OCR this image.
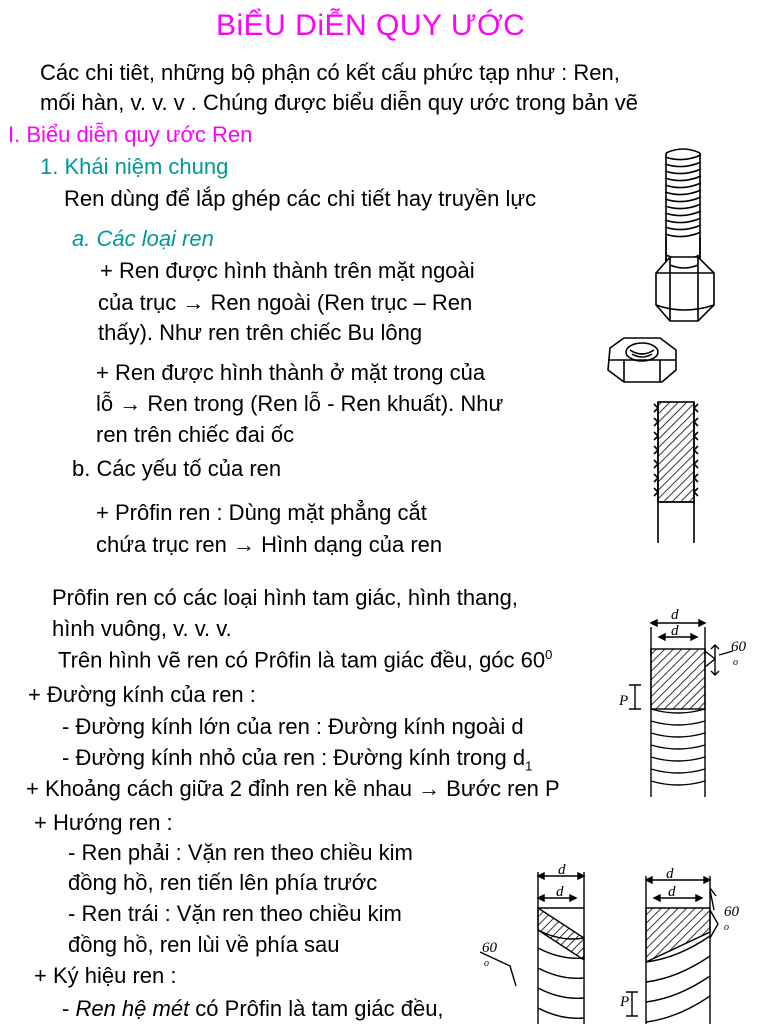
BiỂU DiỄN QUY ƯỚC
Các chi tiêt, những bộ phận có kết cấu phức tạp như : Ren,
mối hàn, v. v. v . Chúng được biểu diễn quy ước trong bản vẽ
I. Biểu diễn quy ước Ren
1. Khái niệm chung
Ren dùng để lắp ghép các chi tiết hay truyền lực
a. Các loại ren
+ Ren được hình thành trên mặt ngoài
của trục → Ren ngoài (Ren trục – Ren
thấy). Như ren trên chiếc Bu lông
+ Ren được hình thành ở mặt trong của
lỗ → Ren trong (Ren lỗ - Ren khuất). Như
ren trên chiếc đai ốc
b. Các yếu tố của ren
+ Prôfin ren : Dùng mặt phẳng cắt
chứa trục ren → Hình dạng của ren
Prôfin ren có các loại hình tam giác, hình thang,
hình vuông, v. v. v.
Trên hình vẽ ren có Prôfin là tam giác đều, góc $60^0$
+ Đường kính của ren :
- Đường kính lớn của ren : Đường kính ngoài d
- Đường kính nhỏ của ren : Đường kính trong $d_1$
+ Khoảng cách giữa 2 đỉnh ren kề nhau → Bước ren P
+ Hướng ren :
- Ren phải : Vặn ren theo chiều kim
đồng hồ, ren tiến lên phía trước
- Ren trái : Vặn ren theo chiều kim
đồng hồ, ren lùi về phía sau
+ Ký hiệu ren :
- Ren hệ mét có Prôfin là tam giác đều,
d
d
60
o
P
d
d
60
o
d
d
60
o
P
